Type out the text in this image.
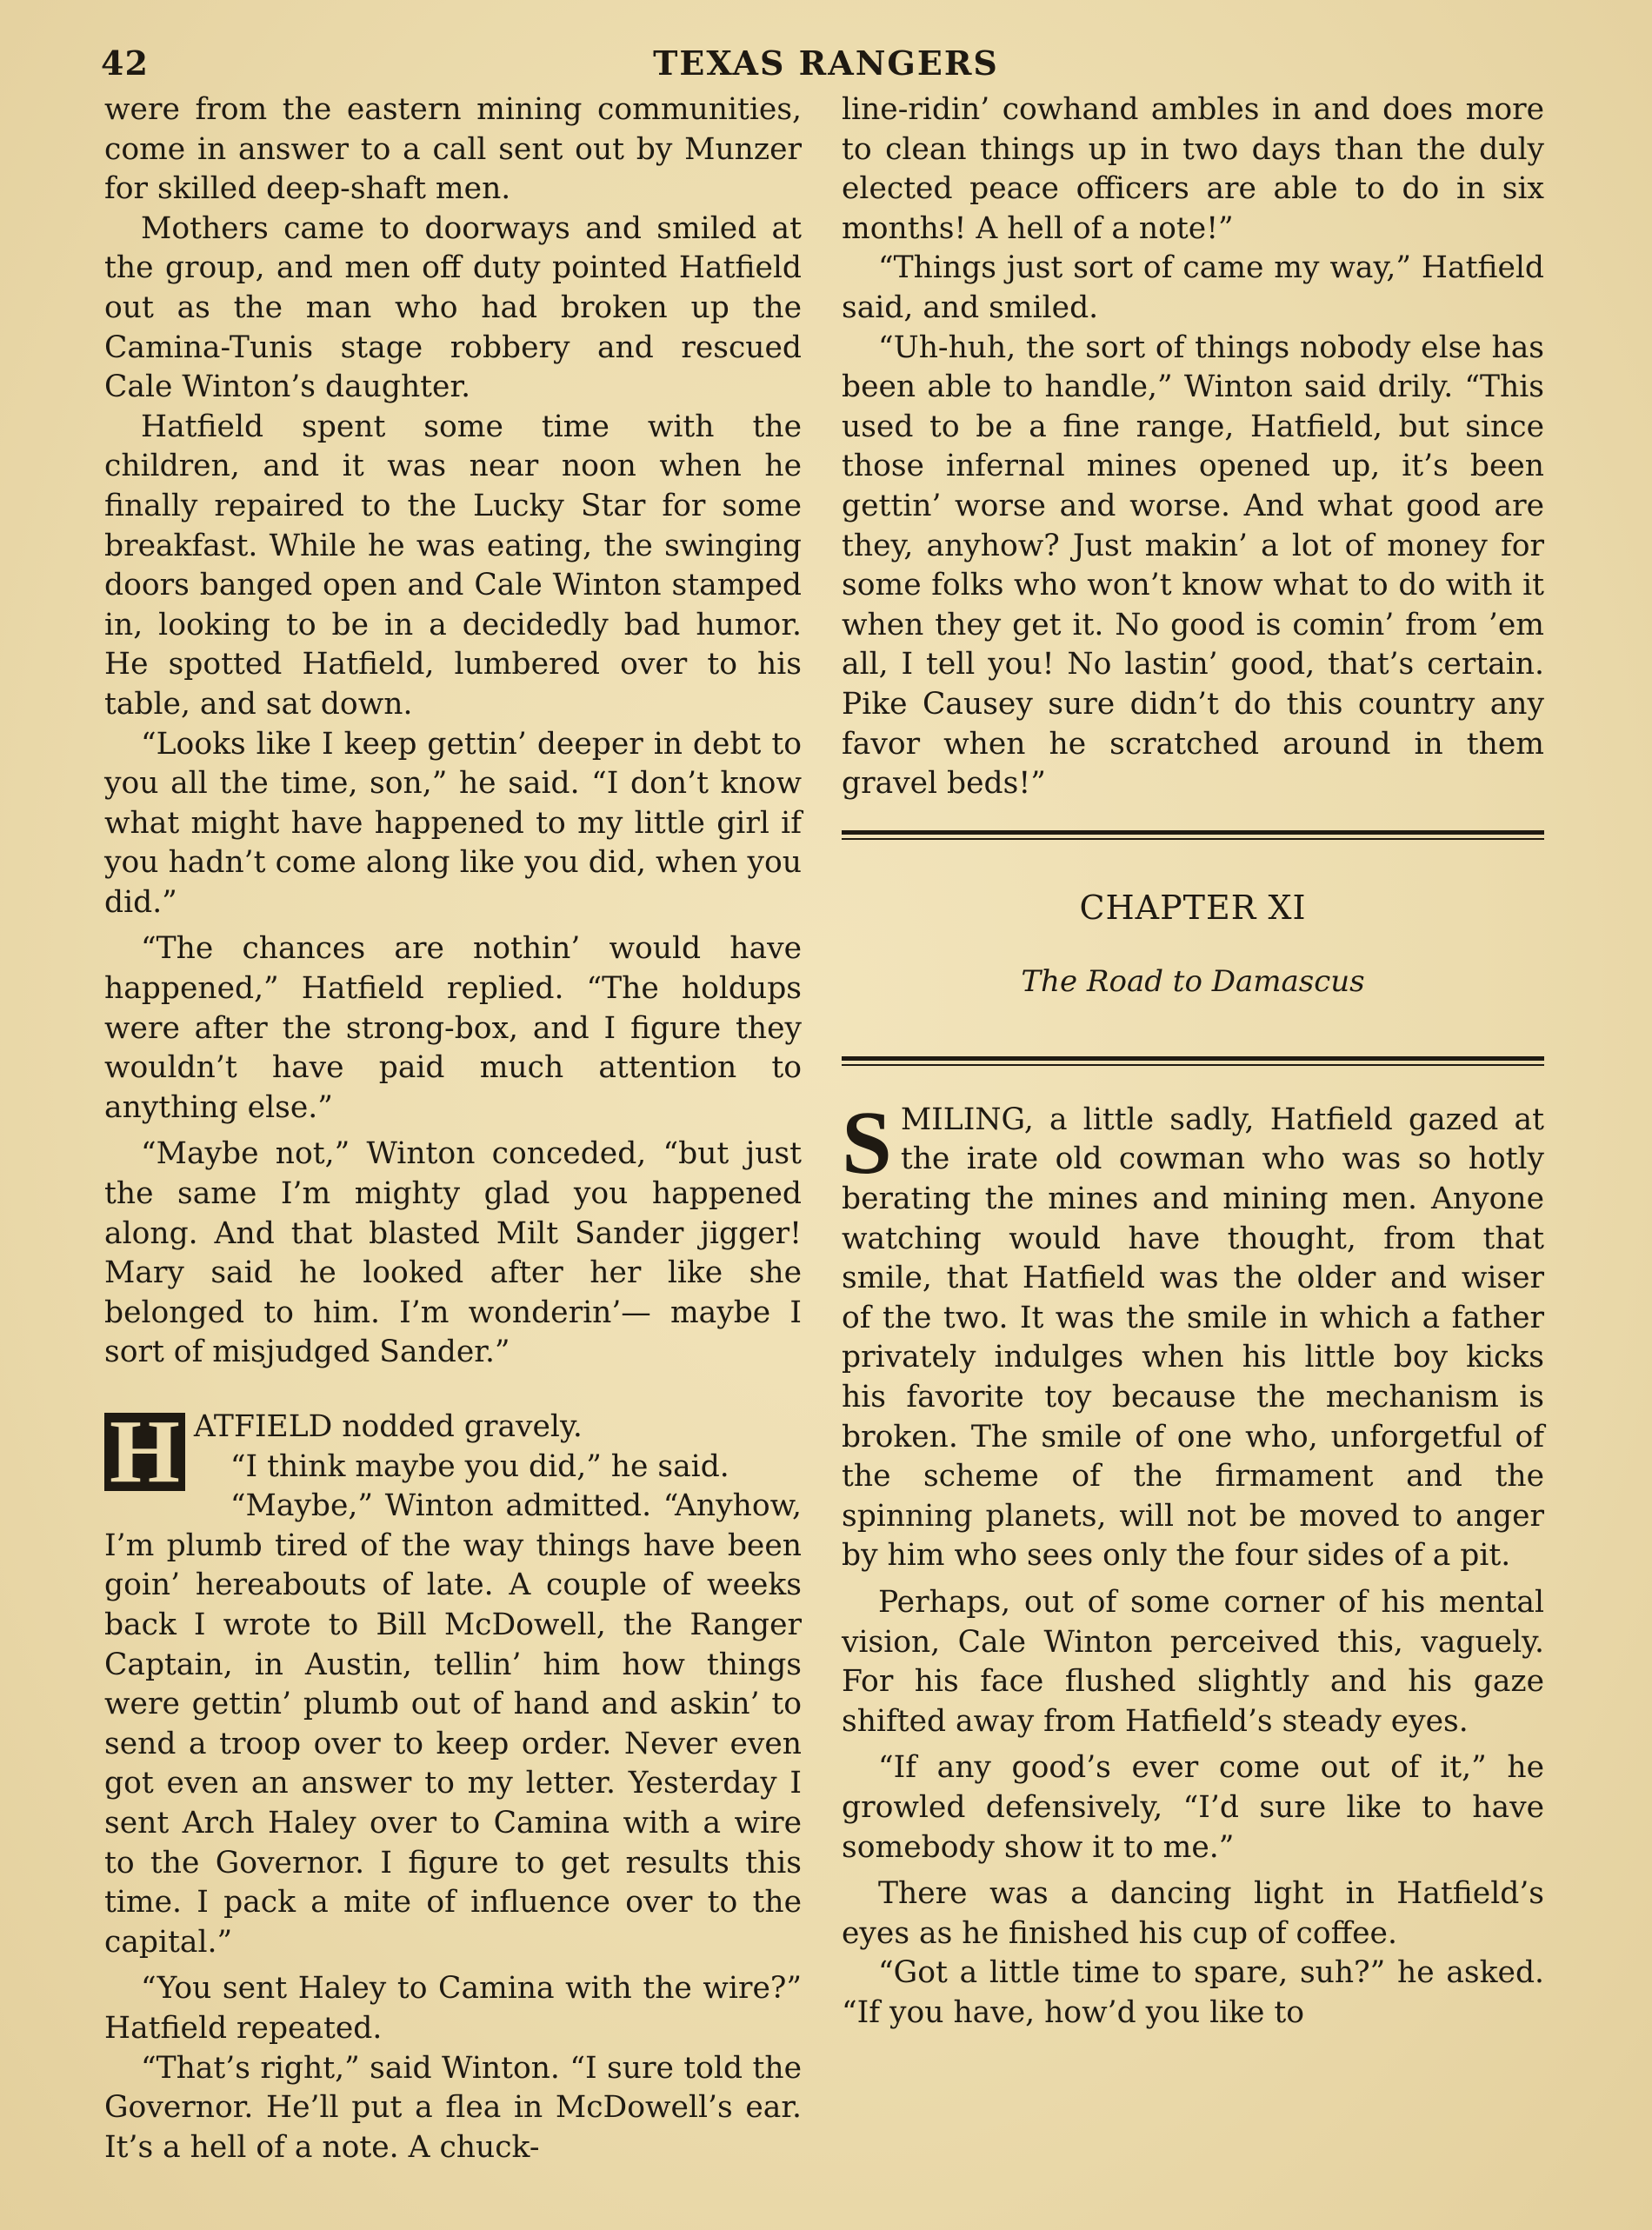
42	TEXAS RANGERS

were from the eastern mining communities, come in answer to a call sent out by Munzer for skilled deep-shaft men.

Mothers came to doorways and smiled at the group, and men off duty pointed Hatfield out as the man who had broken up the Camina-Tunis stage robbery and rescued Cale Winton’s daughter.

Hatfield spent some time with the children, and it was near noon when he finally repaired to the Lucky Star for some breakfast. While he was eating, the swinging doors banged open and Cale Winton stamped in, looking to be in a decidedly bad humor. He spotted Hatfield, lumbered over to his table, and sat down.

“Looks like I keep gettin’ deeper in debt to you all the time, son,” he said. “I don’t know what might have happened to my little girl if you hadn’t come along like you did, when you did.”

“The chances are nothin’ would have happened,” Hatfield replied. “The holdups were after the strong-box, and I figure they wouldn’t have paid much attention to anything else.”

“Maybe not,” Winton conceded, “but just the same I’m mighty glad you happened along. And that blasted Milt Sander jigger! Mary said he looked after her like she belonged to him. I’m wonderin’— maybe I sort of misjudged Sander.”

H ATFIELD nodded gravely.

“I think maybe you did,” he said.

“Maybe,” Winton admitted. “Anyhow, I’m plumb tired of the way things have been goin’ hereabouts of late. A couple of weeks back I wrote to Bill McDowell, the Ranger Captain, in Austin, tellin’ him how things were gettin’ plumb out of hand and askin’ to send a troop over to keep order. Never even got even an answer to my letter. Yesterday I sent Arch Haley over to Camina with a wire to the Governor. I figure to get results this time. I pack a mite of influence over to the capital.”

“You sent Haley to Camina with the wire?” Hatfield repeated.

“That’s right,” said Winton. “I sure told the Governor. He’ll put a flea in McDowell’s ear. It’s a hell of a note. A chuck-

line-ridin’ cowhand ambles in and does more to clean things up in two days than the duly elected peace officers are able to do in six months! A hell of a note!”

“Things just sort of came my way,” Hatfield said, and smiled.

“Uh-huh, the sort of things nobody else has been able to handle,” Winton said drily. “This used to be a fine range, Hatfield, but since those infernal mines opened up, it’s been gettin’ worse and worse. And what good are they, anyhow? Just makin’ a lot of money for some folks who won’t know what to do with it when they get it. No good is comin’ from ’em all, I tell you! No lastin’ good, that’s certain. Pike Causey sure didn’t do this country any favor when he scratched around in them gravel beds!”

CHAPTER XI
The Road to Damascus

SMILING, a little sadly, Hatfield gazed at the irate old cowman who was so hotly berating the mines and mining men. Anyone watching would have thought, from that smile, that Hatfield was the older and wiser of the two. It was the smile in which a father privately indulges when his little boy kicks his favorite toy because the mechanism is broken. The smile of one who, unforgetful of the scheme of the firmament and the spinning planets, will not be moved to anger by him who sees only the four sides of a pit.

Perhaps, out of some corner of his mental vision, Cale Winton perceived this, vaguely. For his face flushed slightly and his gaze shifted away from Hatfield’s steady eyes.

“If any good’s ever come out of it,” he growled defensively, “I’d sure like to have somebody show it to me.”

There was a dancing light in Hatfield’s eyes as he finished his cup of coffee.

“Got a little time to spare, suh?” he asked. “If you have, how’d you like to
